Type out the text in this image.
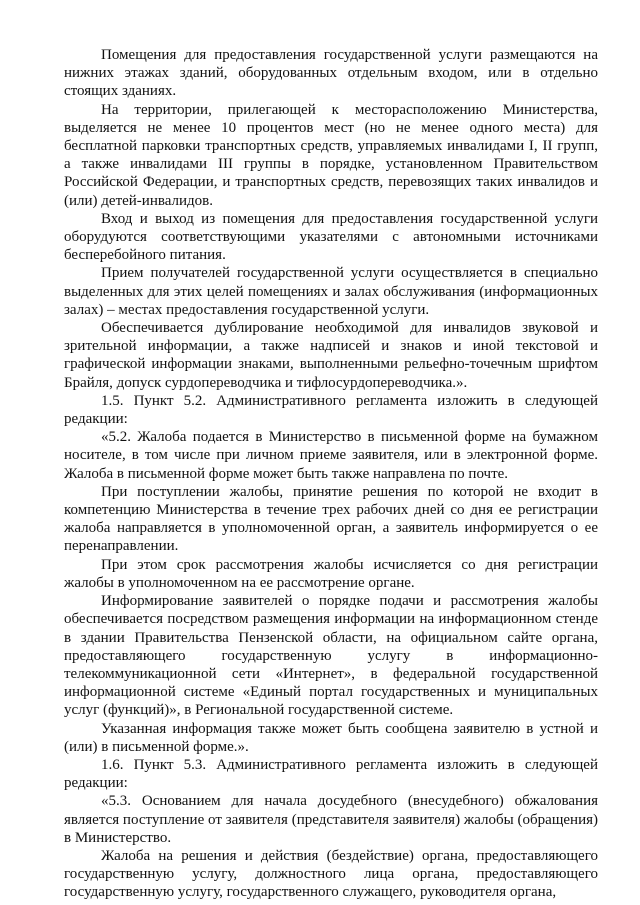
Помещения для предоставления государственной услуги размещаются на нижних этажах зданий, оборудованных отдельным входом, или в отдельно стоящих зданиях.

На территории, прилегающей к месторасположению Министерства, выделяется не менее 10 процентов мест (но не менее одного места) для бесплатной парковки транспортных средств, управляемых инвалидами I, II групп, а также инвалидами III группы в порядке, установленном Правительством Российской Федерации, и транспортных средств, перевозящих таких инвалидов и (или) детей-инвалидов.

Вход и выход из помещения для предоставления государственной услуги оборудуются соответствующими указателями с автономными источниками бесперебойного питания.

Прием получателей государственной услуги осуществляется в специально выделенных для этих целей помещениях и залах обслуживания (информационных залах) – местах предоставления государственной услуги.

Обеспечивается дублирование необходимой для инвалидов звуковой и зрительной информации, а также надписей и знаков и иной текстовой и графической информации знаками, выполненными рельефно-точечным шрифтом Брайля, допуск сурдопереводчика и тифлосурдопереводчика.».

1.5. Пункт 5.2. Административного регламента изложить в следующей редакции:

«5.2. Жалоба подается в Министерство в письменной форме на бумажном носителе, в том числе при личном приеме заявителя, или в электронной форме. Жалоба в письменной форме может быть также направлена по почте.

При поступлении жалобы, принятие решения по которой не входит в компетенцию Министерства в течение трех рабочих дней со дня ее регистрации жалоба направляется в уполномоченной орган, а заявитель информируется о ее перенаправлении.

При этом срок рассмотрения жалобы исчисляется со дня регистрации жалобы в уполномоченном на ее рассмотрение органе.

Информирование заявителей о порядке подачи и рассмотрения жалобы обеспечивается посредством размещения информации на информационном стенде в здании Правительства Пензенской области, на официальном сайте органа, предоставляющего государственную услугу в информационно-телекоммуникационной сети «Интернет», в федеральной государственной информационной системе «Единый портал государственных и муниципальных услуг (функций)», в Региональной государственной системе.

Указанная информация также может быть сообщена заявителю в устной и (или) в письменной форме.».

1.6. Пункт 5.3. Административного регламента изложить в следующей редакции:

«5.3. Основанием для начала досудебного (внесудебного) обжалования является поступление от заявителя (представителя заявителя) жалобы (обращения) в Министерство.

Жалоба на решения и действия (бездействие) органа, предоставляющего государственную услугу, должностного лица органа, предоставляющего государственную услугу, государственного служащего, руководителя органа,
